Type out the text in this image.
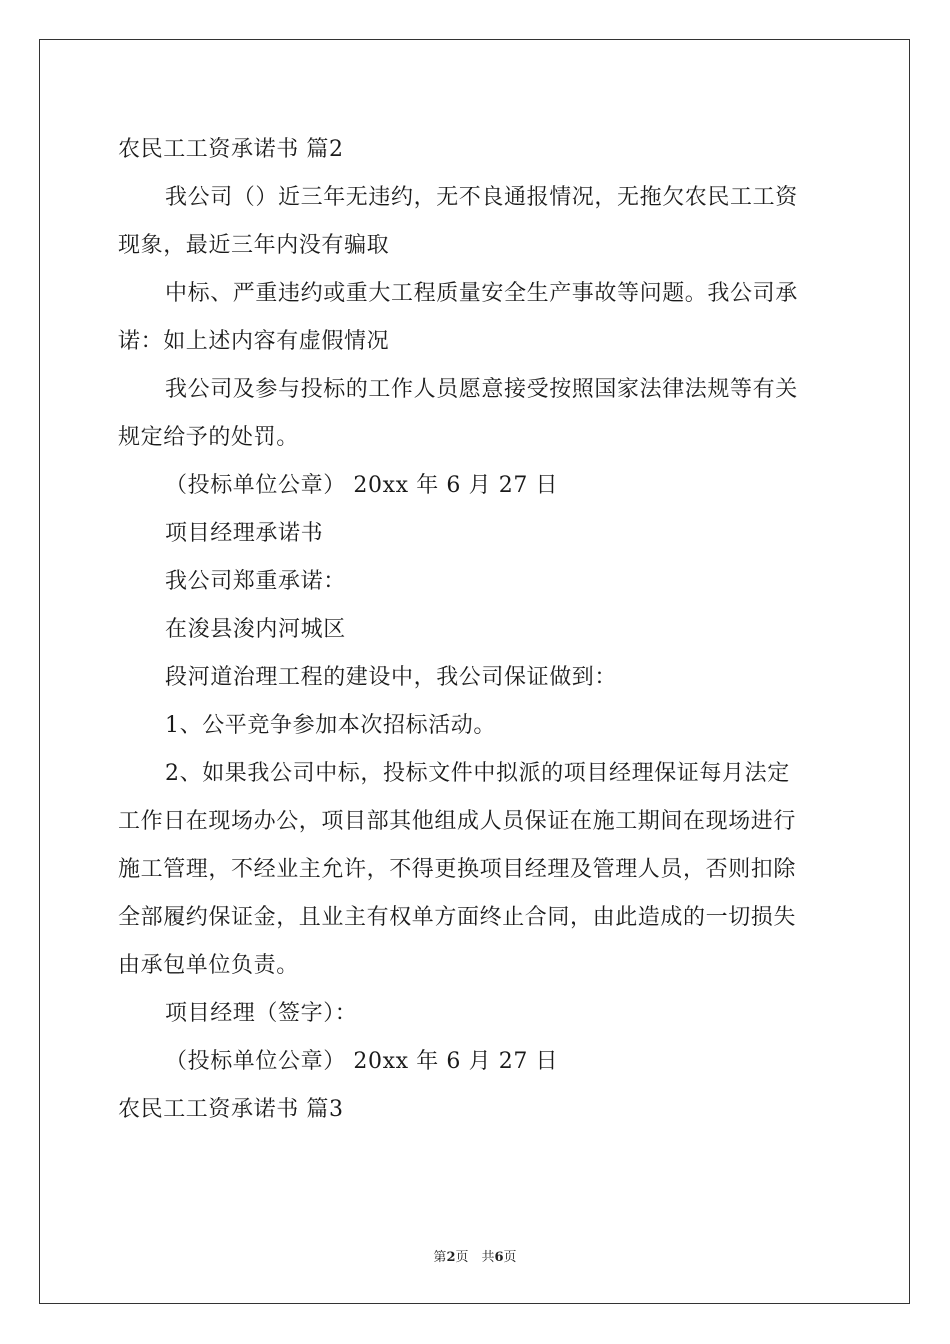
农民工工资承诺书 篇2

我公司（）近三年无违约，无不良通报情况，无拖欠农民工工资

现象，最近三年内没有骗取

中标、严重违约或重大工程质量安全生产事故等问题。我公司承

诺：如上述内容有虚假情况

我公司及参与投标的工作人员愿意接受按照国家法律法规等有关

规定给予的处罚。

（投标单位公章） 20xx 年 6 月 27 日

项目经理承诺书

我公司郑重承诺：

在浚县浚内河城区

段河道治理工程的建设中，我公司保证做到：

1、公平竞争参加本次招标活动。

2、如果我公司中标，投标文件中拟派的项目经理保证每月法定

工作日在现场办公，项目部其他组成人员保证在施工期间在现场进行

施工管理，不经业主允许，不得更换项目经理及管理人员，否则扣除

全部履约保证金，且业主有权单方面终止合同，由此造成的一切损失

由承包单位负责。

项目经理（签字）：

（投标单位公章） 20xx 年 6 月 27 日

农民工工资承诺书 篇3

第2页　共6页
